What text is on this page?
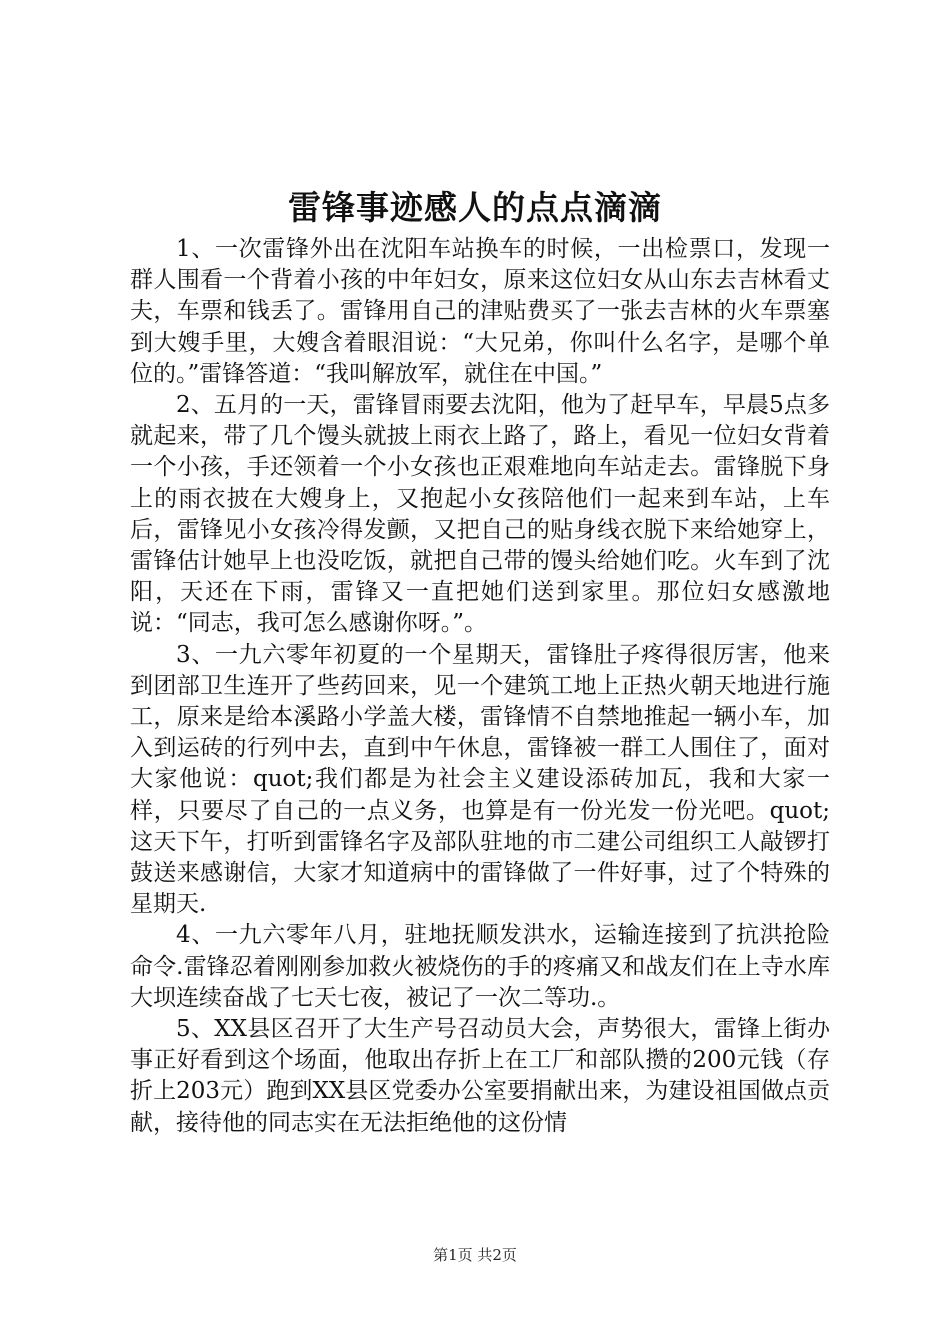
雷锋事迹感人的点点滴滴

1、一次雷锋外出在沈阳车站换车的时候，一出检票口，发现一群人围看一个背着小孩的中年妇女，原来这位妇女从山东去吉林看丈夫，车票和钱丢了。雷锋用自己的津贴费买了一张去吉林的火车票塞到大嫂手里，大嫂含着眼泪说：“大兄弟，你叫什么名字，是哪个单位的。”雷锋答道：“我叫解放军，就住在中国。”

2、五月的一天，雷锋冒雨要去沈阳，他为了赶早车，早晨5点多就起来，带了几个馒头就披上雨衣上路了，路上，看见一位妇女背着一个小孩，手还领着一个小女孩也正艰难地向车站走去。雷锋脱下身上的雨衣披在大嫂身上，又抱起小女孩陪他们一起来到车站，上车后，雷锋见小女孩冷得发颤，又把自己的贴身线衣脱下来给她穿上，雷锋估计她早上也没吃饭，就把自己带的馒头给她们吃。火车到了沈阳，天还在下雨，雷锋又一直把她们送到家里。那位妇女感激地说：“同志，我可怎么感谢你呀。”。

3、一九六零年初夏的一个星期天，雷锋肚子疼得很厉害，他来到团部卫生连开了些药回来，见一个建筑工地上正热火朝天地进行施工，原来是给本溪路小学盖大楼，雷锋情不自禁地推起一辆小车，加入到运砖的行列中去，直到中午休息，雷锋被一群工人围住了，面对大家他说：quot;我们都是为社会主义建设添砖加瓦，我和大家一样，只要尽了自己的一点义务，也算是有一份光发一份光吧。quot;这天下午，打听到雷锋名字及部队驻地的市二建公司组织工人敲锣打鼓送来感谢信，大家才知道病中的雷锋做了一件好事，过了个特殊的星期天.

4、一九六零年八月，驻地抚顺发洪水，运输连接到了抗洪抢险命令.雷锋忍着刚刚参加救火被烧伤的手的疼痛又和战友们在上寺水库大坝连续奋战了七天七夜，被记了一次二等功.。

5、XX县区召开了大生产号召动员大会，声势很大，雷锋上街办事正好看到这个场面，他取出存折上在工厂和部队攒的200元钱（存折上203元）跑到XX县区党委办公室要捐献出来，为建设祖国做点贡献，接待他的同志实在无法拒绝他的这份情

第1页 共2页
